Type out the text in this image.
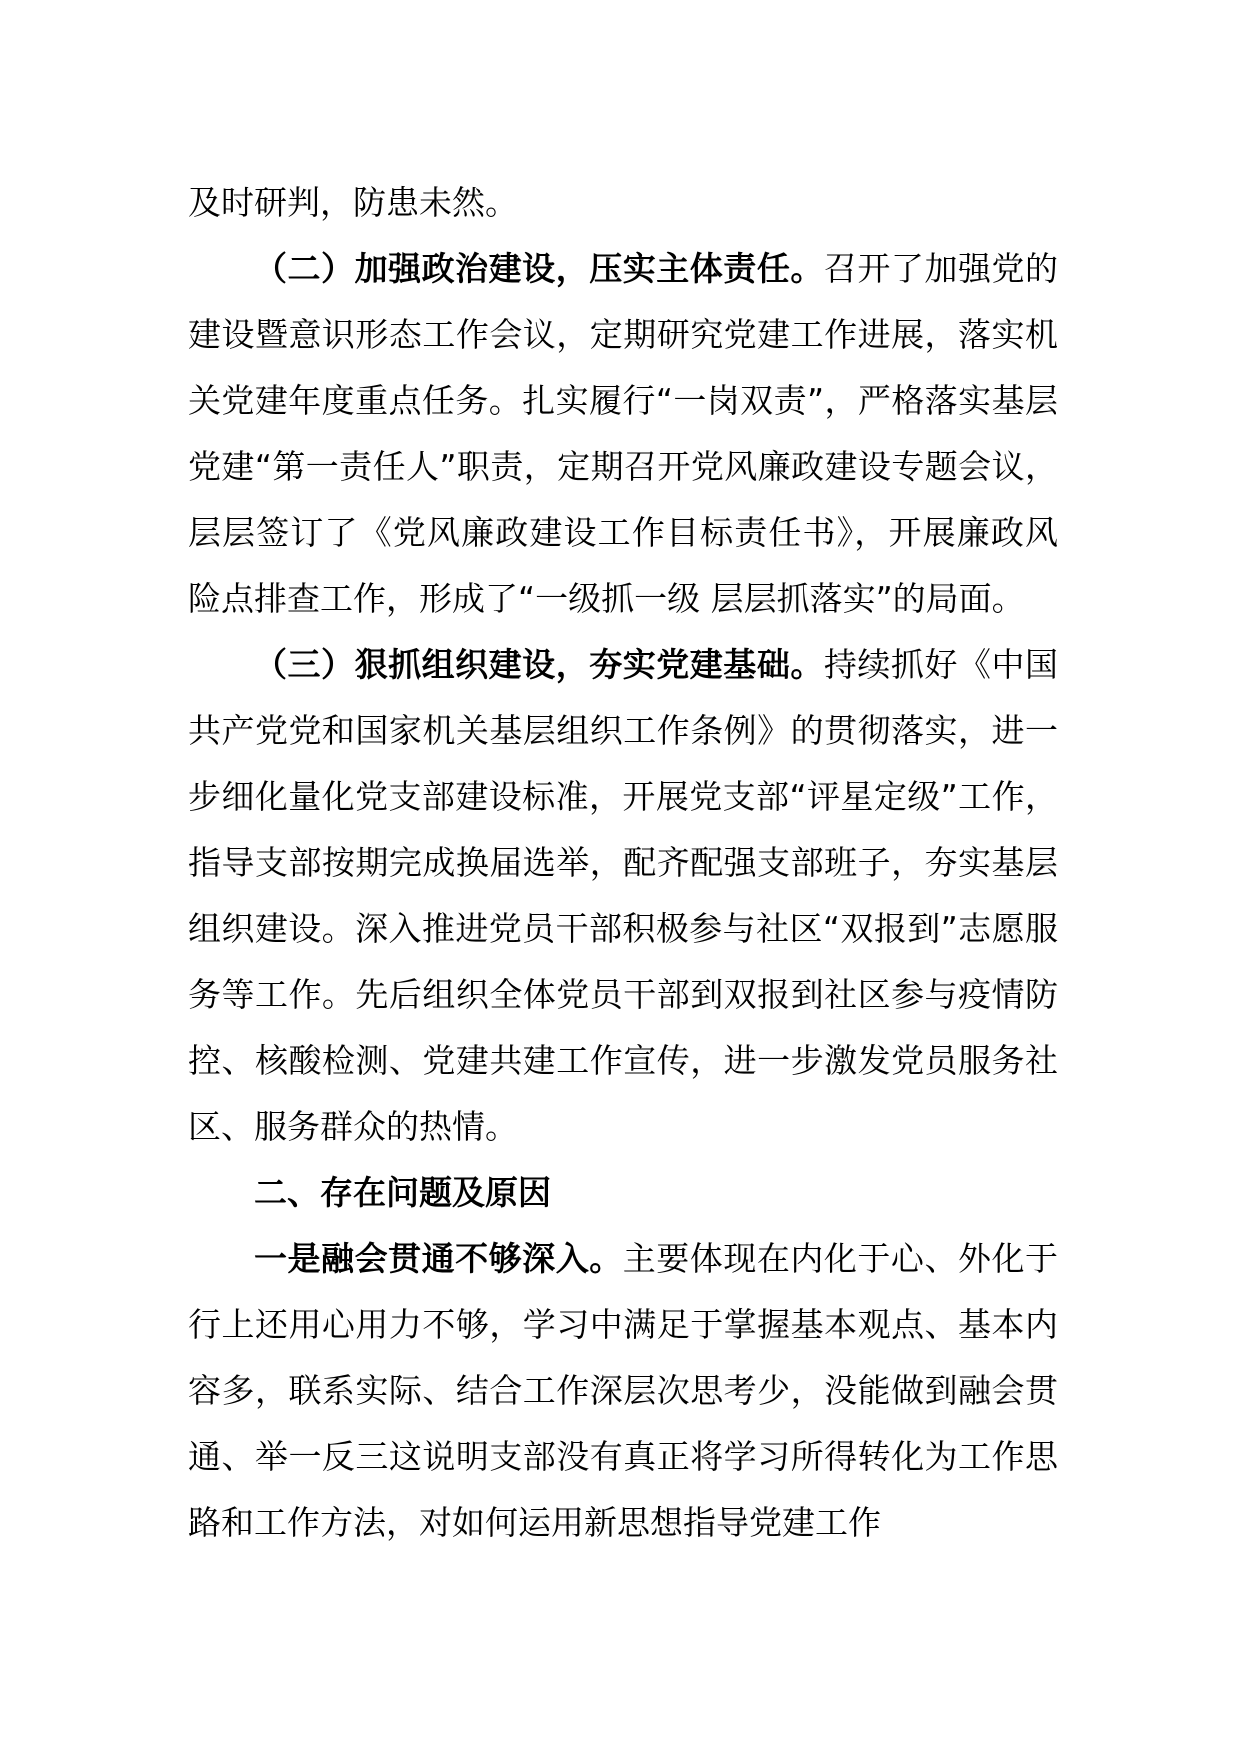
及时研判，防患未然。

（二）加强政治建设，压实主体责任。召开了加强党的建设暨意识形态工作会议，定期研究党建工作进展，落实机关党建年度重点任务。扎实履行“一岗双责”，严格落实基层党建“第一责任人”职责，定期召开党风廉政建设专题会议，层层签订了《党风廉政建设工作目标责任书》，开展廉政风险点排查工作，形成了“一级抓一级 层层抓落实”的局面。

（三）狠抓组织建设，夯实党建基础。持续抓好《中国共产党党和国家机关基层组织工作条例》的贯彻落实，进一步细化量化党支部建设标准，开展党支部“评星定级”工作，指导支部按期完成换届选举，配齐配强支部班子，夯实基层组织建设。深入推进党员干部积极参与社区“双报到”志愿服务等工作。先后组织全体党员干部到双报到社区参与疫情防控、核酸检测、党建共建工作宣传，进一步激发党员服务社区、服务群众的热情。

二、存在问题及原因

一是融会贯通不够深入。主要体现在内化于心、外化于行上还用心用力不够，学习中满足于掌握基本观点、基本内容多，联系实际、结合工作深层次思考少，没能做到融会贯通、举一反三这说明支部没有真正将学习所得转化为工作思路和工作方法，对如何运用新思想指导党建工作
